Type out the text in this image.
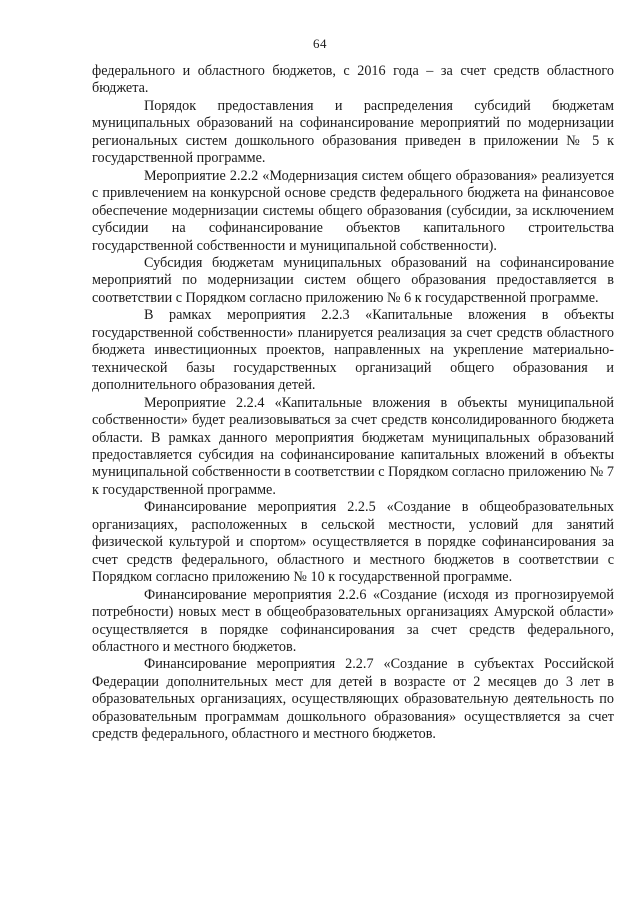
64

федерального и областного бюджетов, с 2016 года – за счет средств областного бюджета.

Порядок предоставления и распределения субсидий бюджетам муниципальных образований на софинансирование мероприятий по модернизации региональных систем дошкольного образования приведен в приложении № 5 к государственной программе.

Мероприятие 2.2.2 «Модернизация систем общего образования» реализуется с привлечением на конкурсной основе средств федерального бюджета на финансовое обеспечение модернизации системы общего образования (субсидии, за исключением субсидии на софинансирование объектов капитального строительства государственной собственности и муниципальной собственности).

Субсидия бюджетам муниципальных образований на софинансирование мероприятий по модернизации систем общего образования предоставляется в соответствии с Порядком согласно приложению № 6 к государственной программе.

В рамках мероприятия 2.2.3 «Капитальные вложения в объекты государственной собственности» планируется реализация за счет средств областного бюджета инвестиционных проектов, направленных на укрепление материально-технической базы государственных организаций общего образования и дополнительного образования детей.

Мероприятие 2.2.4 «Капитальные вложения в объекты муниципальной собственности» будет реализовываться за счет средств консолидированного бюджета области. В рамках данного мероприятия бюджетам муниципальных образований предоставляется субсидия на софинансирование капитальных вложений в объекты муниципальной собственности в соответствии с Порядком согласно приложению № 7 к государственной программе.

Финансирование мероприятия 2.2.5 «Создание в общеобразовательных организациях, расположенных в сельской местности, условий для занятий физической культурой и спортом» осуществляется в порядке софинансирования за счет средств федерального, областного и местного бюджетов в соответствии с Порядком согласно приложению № 10 к государственной программе.

Финансирование мероприятия 2.2.6 «Создание (исходя из прогнозируемой потребности) новых мест в общеобразовательных организациях Амурской области» осуществляется в порядке софинансирования за счет средств федерального, областного и местного бюджетов.

Финансирование мероприятия 2.2.7 «Создание в субъектах Российской Федерации дополнительных мест для детей в возрасте от 2 месяцев до 3 лет в образовательных организациях, осуществляющих образовательную деятельность по образовательным программам дошкольного образования» осуществляется за счет средств федерального, областного и местного бюджетов.
